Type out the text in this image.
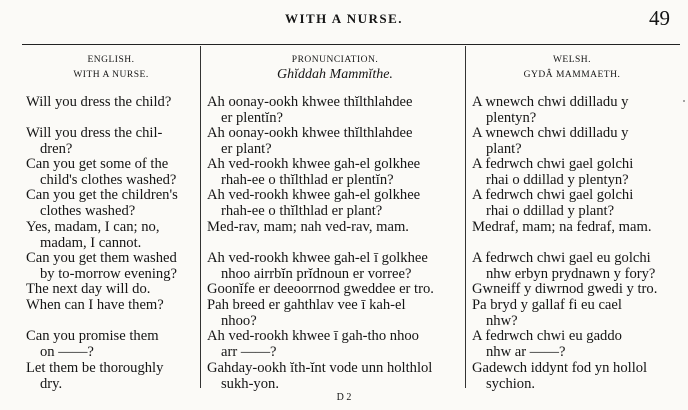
WITH A NURSE.	49
ENGLISH.
WITH A NURSE.
Will you dress the child?
Will you dress the chil-
dren?
Can you get some of the
child's clothes washed?
Can you get the children's
clothes washed?
Yes, madam, I can; no,
madam, I cannot.
Can you get them washed
by to-morrow evening?
The next day will do.
When can I have them?
Can you promise them
on ——?
Let them be thoroughly
dry.
PRONUNCIATION.
Ghĭddah Mammĭthe.
Ah oonay-ookh khwee thĭlthlahdee
er plentĭn?
Ah oonay-ookh khwee thĭlthlahdee
er plant?
Ah ved-rookh khwee gah-el golkhee
rhah-ee o thĭlthlad er plentĭn?
Ah ved-rookh khwee gah-el golkhee
rhah-ee o thĭlthlad er plant?
Med-rav, mam; nah ved-rav, mam.
Ah ved-rookh khwee gah-el ī golkhee
nhoo airrbĭn prĭdnoun er vorree?
Goonĭfe er deeoorrnod gweddee er tro.
Pah breed er gahthlav vee ī kah-el
nhoo?
Ah ved-rookh khwee ī gah-tho nhoo
arr ——?
Gahday-ookh ĭth-ĭnt vode unn holthlol
sukh-yon.
WELSH.
GYDÂ MAMMAETH.
A wnewch chwi ddilladu y
plentyn?
A wnewch chwi ddilladu y
plant?
A fedrwch chwi gael golchi
rhai o ddillad y plentyn?
A fedrwch chwi gael golchi
rhai o ddillad y plant?
Medraf, mam; na fedraf, mam.
A fedrwch chwi gael eu golchi
nhw erbyn prydnawn y fory?
Gwneiff y diwrnod gwedi y tro.
Pa bryd y gallaf fi eu cael
nhw?
A fedrwch chwi eu gaddo
nhw ar ——?
Gadewch iddynt fod yn hollol
sychion.
D 2
